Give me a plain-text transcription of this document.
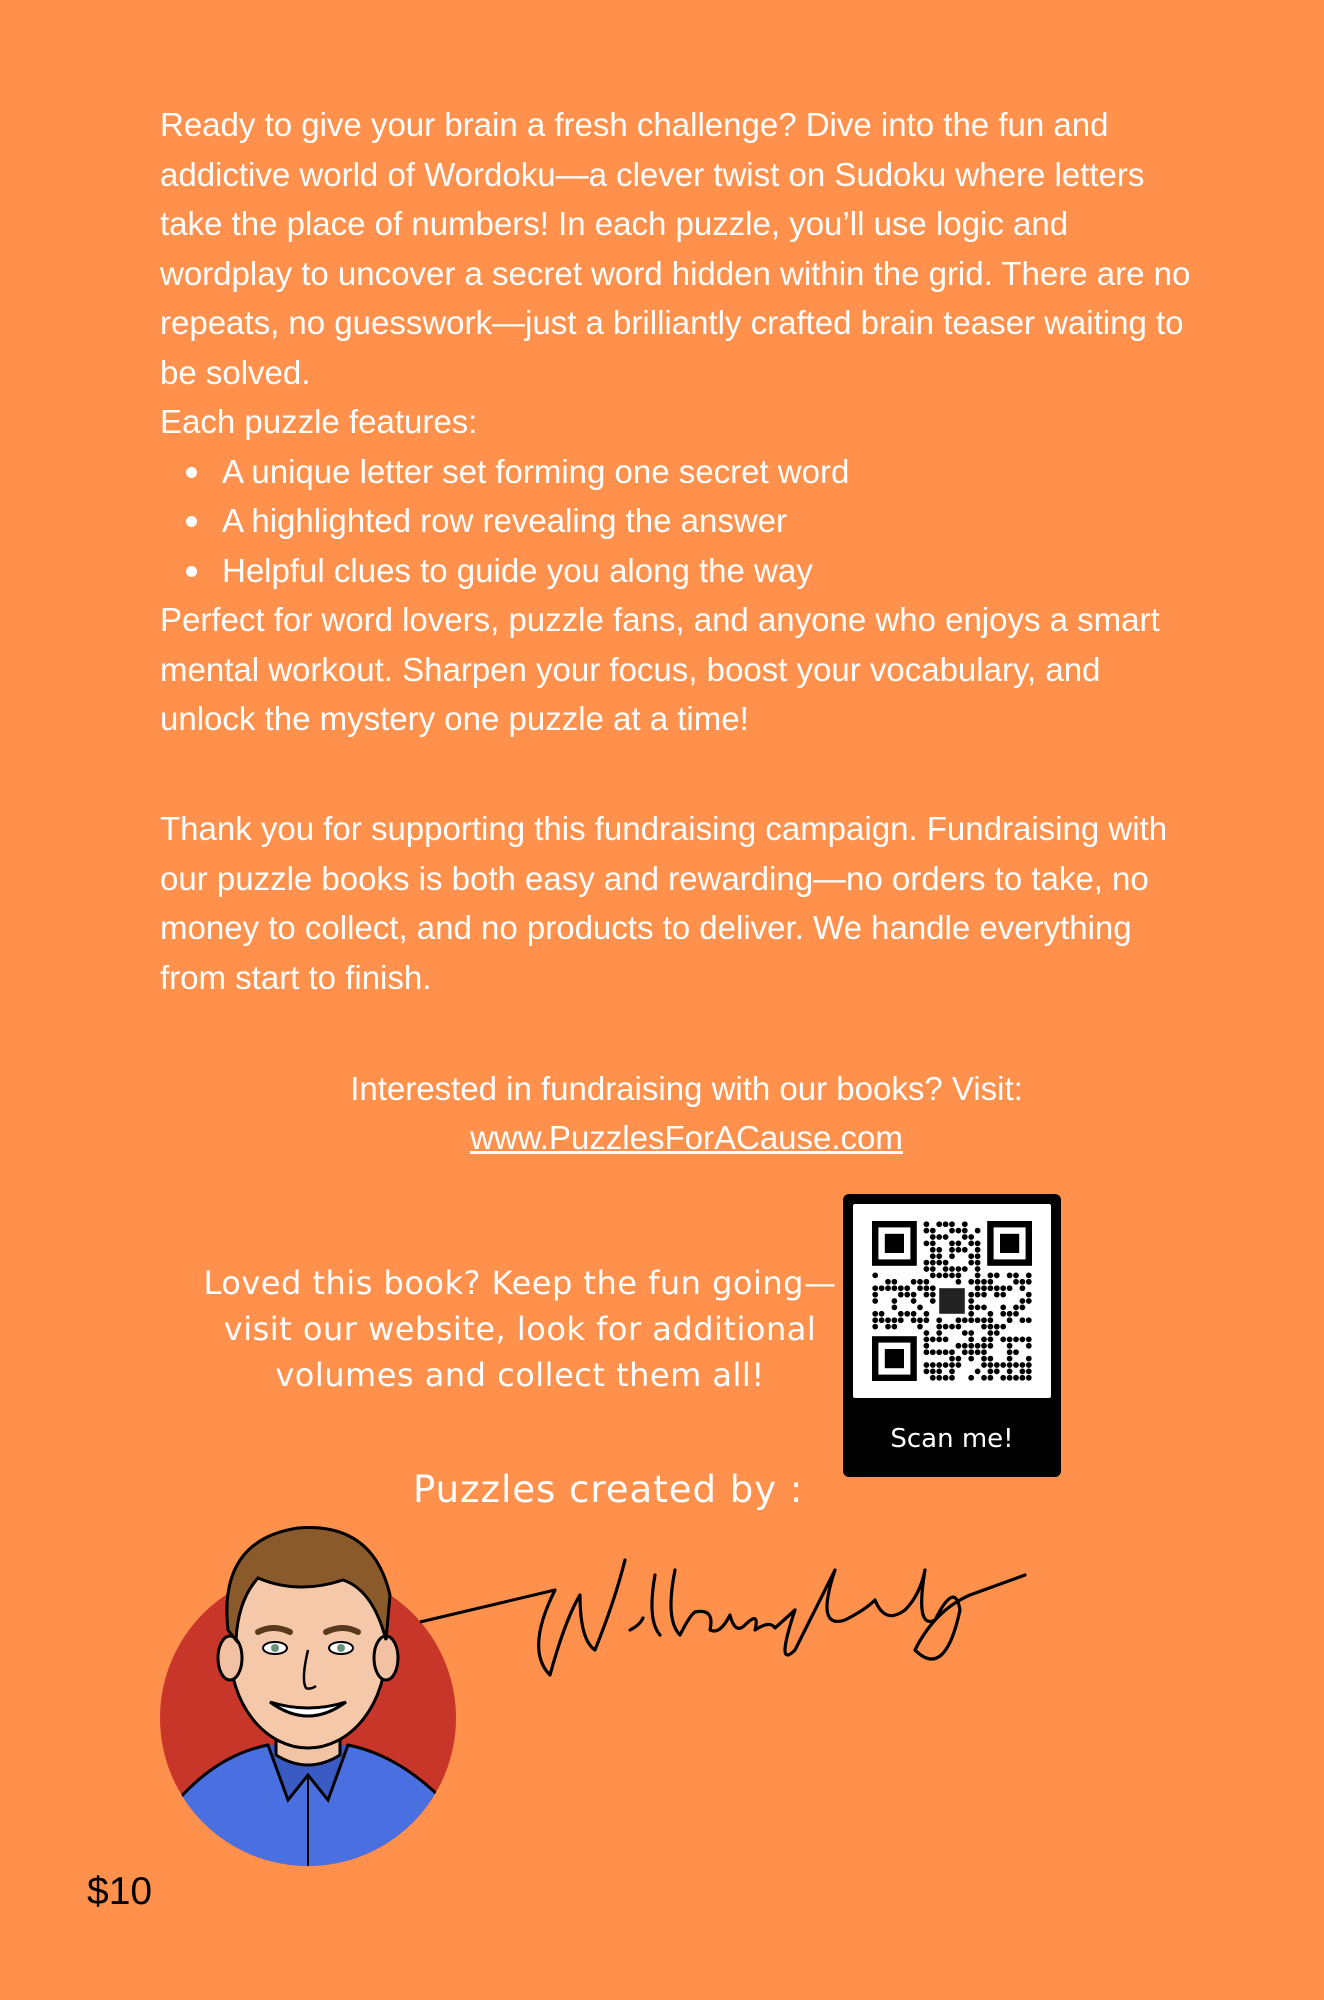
Ready to give your brain a fresh challenge? Dive into the fun and addictive world of Wordoku—a clever twist on Sudoku where letters take the place of numbers! In each puzzle, you’ll use logic and wordplay to uncover a secret word hidden within the grid. There are no repeats, no guesswork—just a brilliantly crafted brain teaser waiting to be solved.

Each puzzle features:

A unique letter set forming one secret word
A highlighted row revealing the answer
Helpful clues to guide you along the way

Perfect for word lovers, puzzle fans, and anyone who enjoys a smart mental workout. Sharpen your focus, boost your vocabulary, and unlock the mystery one puzzle at a time!

Thank you for supporting this fundraising campaign. Fundraising with our puzzle books is both easy and rewarding—no orders to take, no money to collect, and no products to deliver. We handle everything from start to finish.

Interested in fundraising with our books? Visit:
www.PuzzlesForACause.com
Loved this book? Keep the fun going— visit our website, look for additional volumes and collect them all!
Scan me!
Puzzles created by :
$10
